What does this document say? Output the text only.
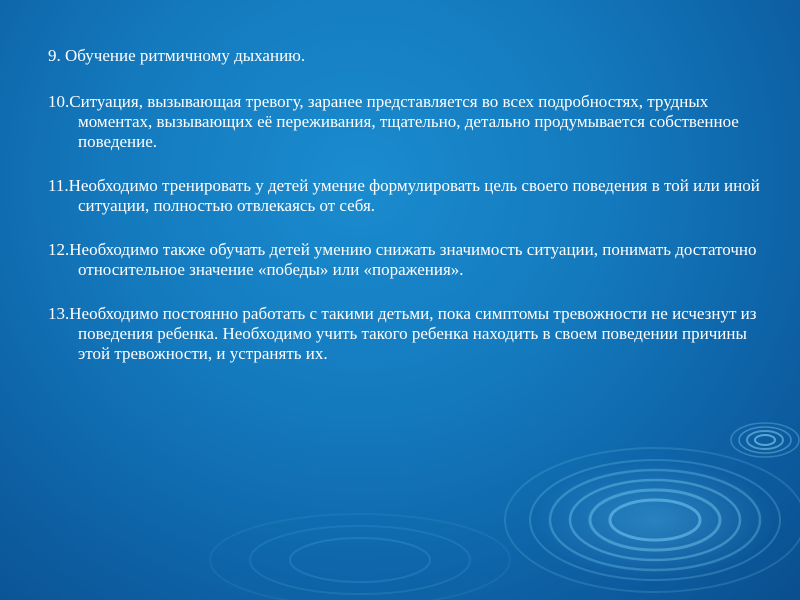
9. Обучение ритмичному дыханию.

10.Ситуация, вызывающая тревогу, заранее представляется во всех подробностях, трудных моментах, вызывающих её переживания, тщательно, детально продумывается собственное поведение.

11.Необходимо тренировать у детей умение формулировать цель своего поведения в той или иной ситуации, полностью отвлекаясь от себя.

12.Необходимо также обучать детей умению снижать значимость ситуации, понимать достаточно относительное значение «победы» или «поражения».

13.Необходимо постоянно работать с такими детьми, пока симптомы тревожности не исчезнут из поведения ребенка. Необходимо учить такого ребенка находить в своем поведении причины этой тревожности, и устранять их.
